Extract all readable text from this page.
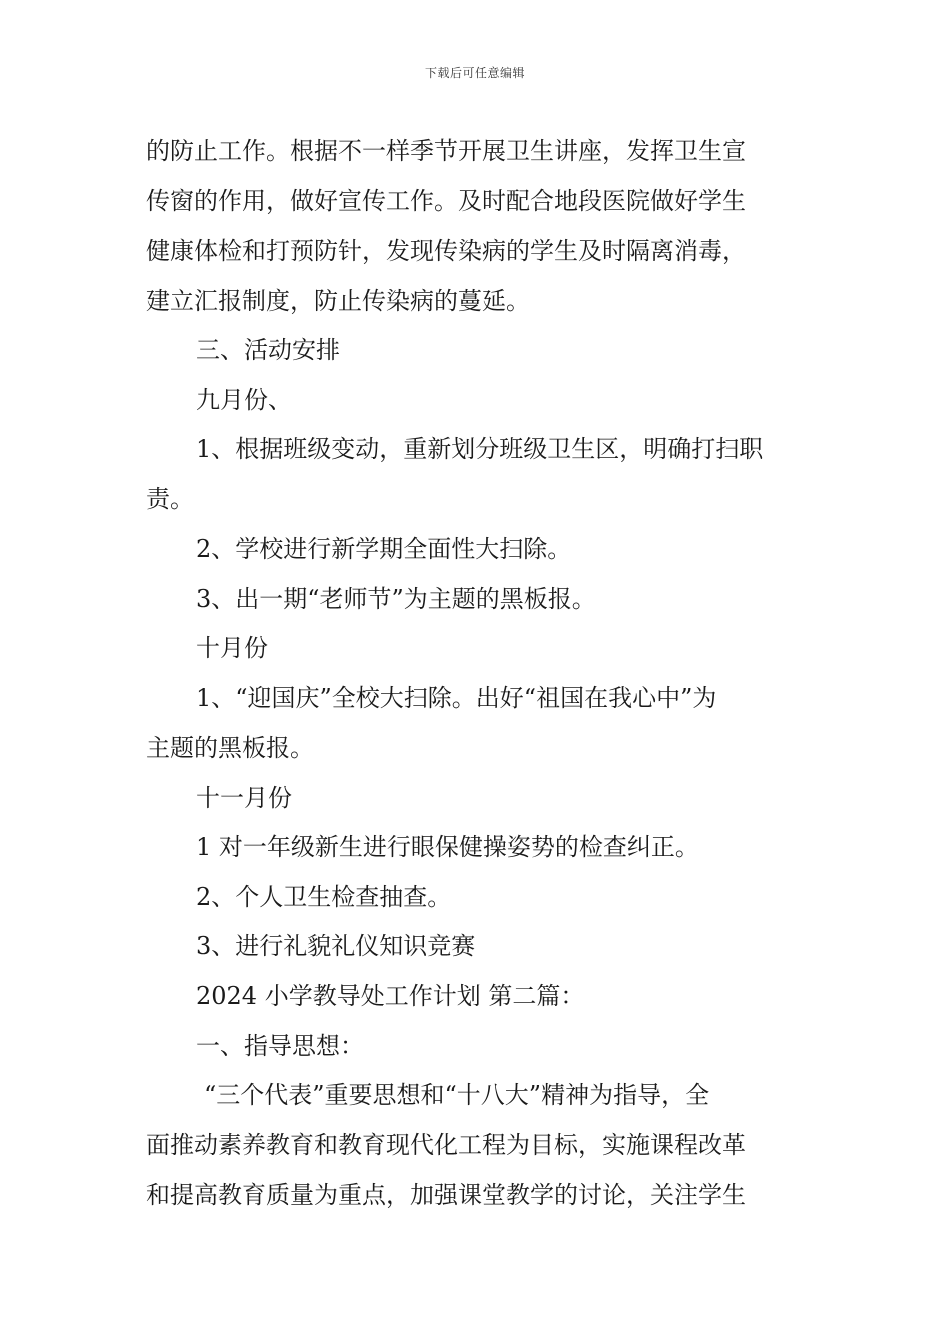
下载后可任意编辑
的防止工作。根据不一样季节开展卫生讲座，发挥卫生宣
传窗的作用，做好宣传工作。及时配合地段医院做好学生
健康体检和打预防针，发现传染病的学生及时隔离消毒，
建立汇报制度，防止传染病的蔓延。
三、活动安排
九月份、
1、根据班级变动，重新划分班级卫生区，明确打扫职
责。
2、学校进行新学期全面性大扫除。
3、出一期“老师节”为主题的黑板报。
十月份
1、“迎国庆”全校大扫除。出好“祖国在我心中”为
主题的黑板报。
十一月份
1 对一年级新生进行眼保健操姿势的检查纠正。
2、个人卫生检查抽查。
3、进行礼貌礼仪知识竞赛
2024 小学教导处工作计划 第二篇：
一、指导思想：
“三个代表”重要思想和“十八大”精神为指导，全
面推动素养教育和教育现代化工程为目标，实施课程改革
和提高教育质量为重点，加强课堂教学的讨论，关注学生
